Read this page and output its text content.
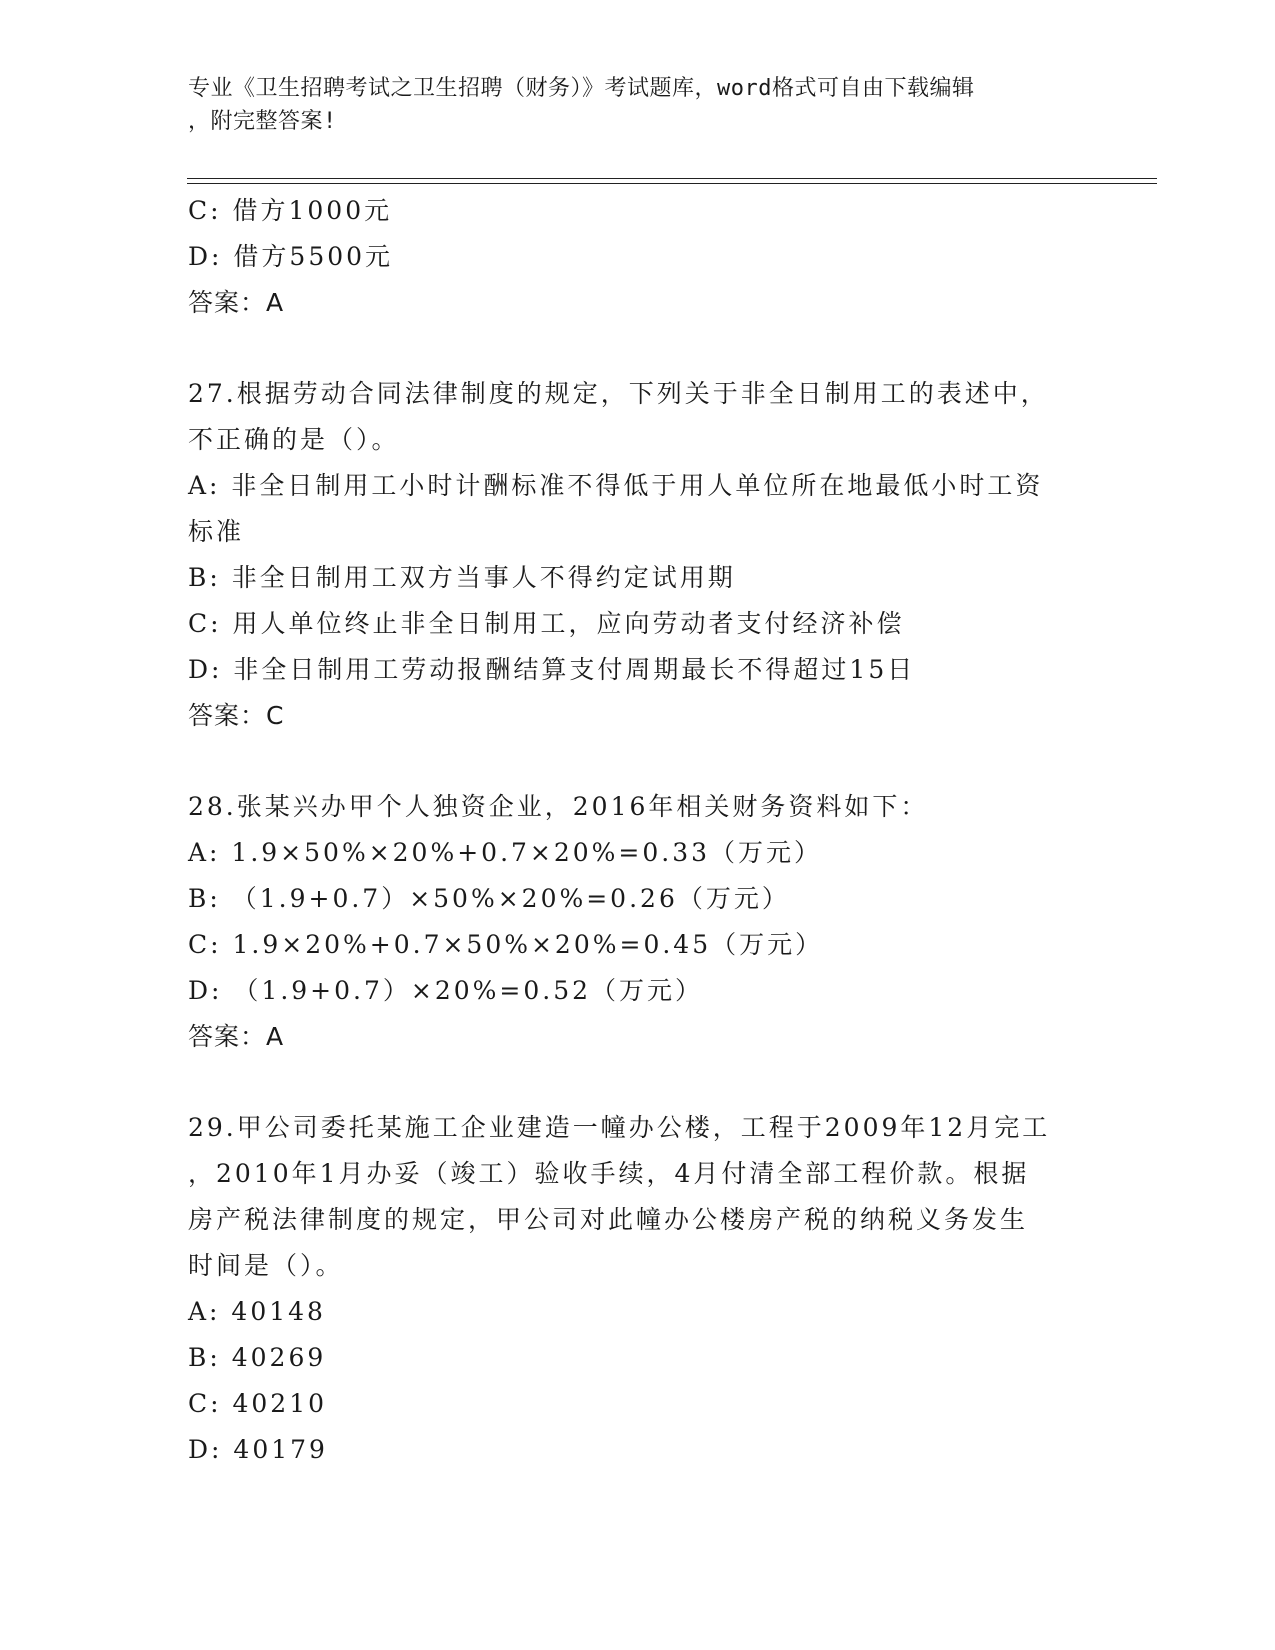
专业《卫生招聘考试之卫生招聘（财务）》考试题库，word格式可自由下载编辑
，附完整答案!
C: 借方1000元
D: 借方5500元
答案：A
27.根据劳动合同法律制度的规定，下列关于非全日制用工的表述中，
不正确的是（）。
A: 非全日制用工小时计酬标准不得低于用人单位所在地最低小时工资
标准
B: 非全日制用工双方当事人不得约定试用期
C: 用人单位终止非全日制用工，应向劳动者支付经济补偿
D: 非全日制用工劳动报酬结算支付周期最长不得超过15日
答案：C
28.张某兴办甲个人独资企业，2016年相关财务资料如下：
A: 1.9×50%×20%+0.7×20%=0.33（万元）
B: （1.9+0.7）×50%×20%=0.26（万元）
C: 1.9×20%+0.7×50%×20%=0.45（万元）
D: （1.9+0.7）×20%=0.52（万元）
答案：A
29.甲公司委托某施工企业建造一幢办公楼，工程于2009年12月完工
，2010年1月办妥（竣工）验收手续，4月付清全部工程价款。根据
房产税法律制度的规定，甲公司对此幢办公楼房产税的纳税义务发生
时间是（）。
A: 40148
B: 40269
C: 40210
D: 40179
